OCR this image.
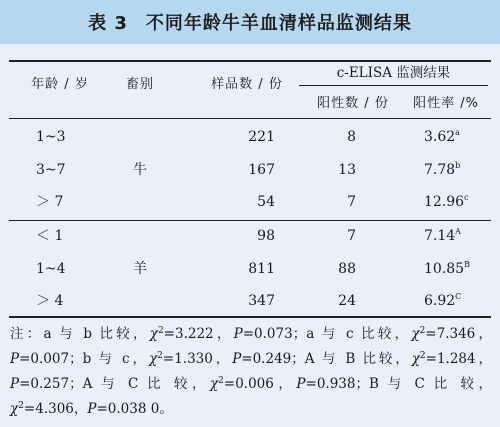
表 3 不同年龄牛羊血清样品监测结果
年龄 / 岁	畜别	样品数 / 份
c-ELISA 监测结果
阳性数 / 份	阳性率 /%
牛
1~3	221	8	3.62$^a$
3~7	167	13	7.78$^b$
＞ 7	54	7	12.96$^c$
羊
＜ 1	98	7	$7.14^A$
1~4	811	88	$10.85^B$
＞ 4	347	24	$6.92^C$
注：a 与 b 比较，$\chi^2=3.222$，P=0.073；a 与 c 比较，$\chi^2=7.346$，P=0.007；b 与 c，$\chi^2=1.330$，P=0.249；A 与 B 比较，$\chi^2=1.284$，P=0.257；A 与 C 比 较，$\chi^2=0.006$，P=0.938；B 与 C 比 较，$\chi^2=4.306$，P=0.038 0。
